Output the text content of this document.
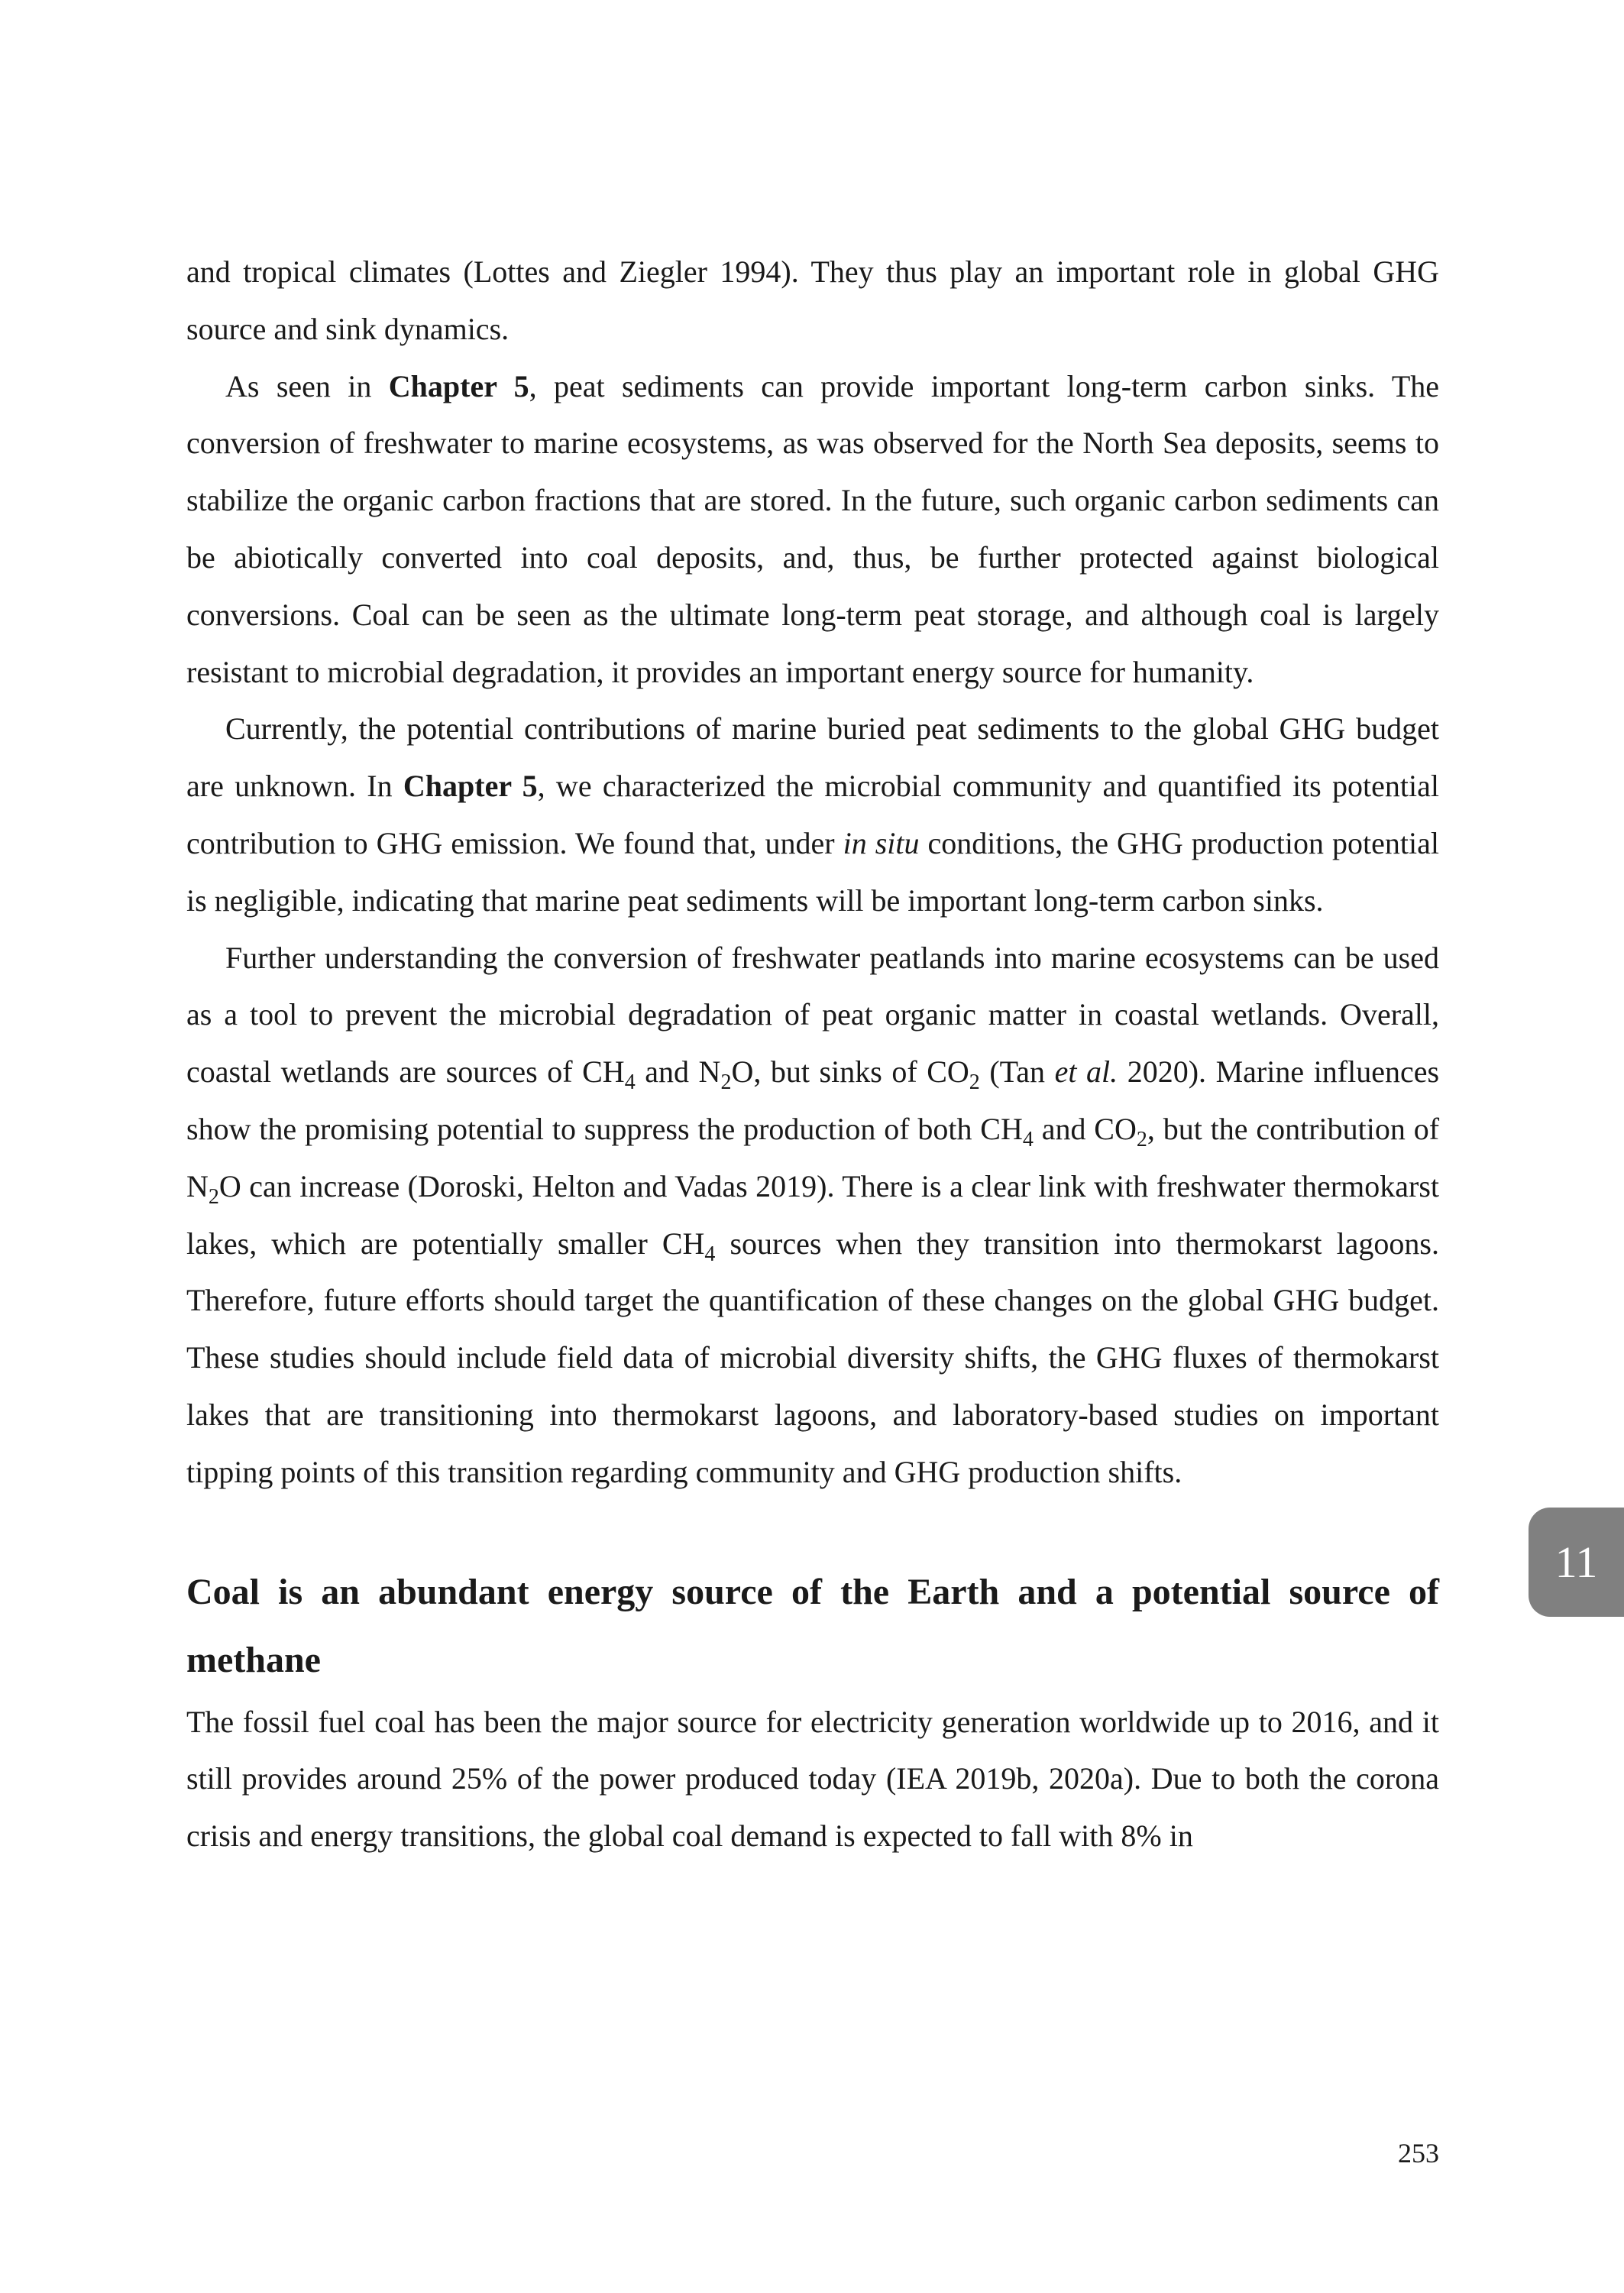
and tropical climates (Lottes and Ziegler 1994). They thus play an important role in global GHG source and sink dynamics.

As seen in Chapter 5, peat sediments can provide important long-term carbon sinks. The conversion of freshwater to marine ecosystems, as was observed for the North Sea deposits, seems to stabilize the organic carbon fractions that are stored. In the future, such organic carbon sediments can be abiotically converted into coal deposits, and, thus, be further protected against biological conversions. Coal can be seen as the ultimate long-term peat storage, and although coal is largely resistant to microbial degradation, it provides an important energy source for humanity.

Currently, the potential contributions of marine buried peat sediments to the global GHG budget are unknown. In Chapter 5, we characterized the microbial community and quantified its potential contribution to GHG emission. We found that, under in situ conditions, the GHG production potential is negligible, indicating that marine peat sediments will be important long-term carbon sinks.

Further understanding the conversion of freshwater peatlands into marine ecosystems can be used as a tool to prevent the microbial degradation of peat organic matter in coastal wetlands. Overall, coastal wetlands are sources of $CH_4$ and $N_2O$, but sinks of $CO_2$ (Tan et al. 2020). Marine influences show the promising potential to suppress the production of both $CH_4$ and $CO_2$, but the contribution of $N_2O$ can increase (Doroski, Helton and Vadas 2019). There is a clear link with freshwater thermokarst lakes, which are potentially smaller $CH_4$ sources when they transition into thermokarst lagoons. Therefore, future efforts should target the quantification of these changes on the global GHG budget. These studies should include field data of microbial diversity shifts, the GHG fluxes of thermokarst lakes that are transitioning into thermokarst lagoons, and laboratory-based studies on important tipping points of this transition regarding community and GHG production shifts.

Coal is an abundant energy source of the Earth and a potential source of methane

The fossil fuel coal has been the major source for electricity generation worldwide up to 2016, and it still provides around 25% of the power produced today (IEA 2019b, 2020a). Due to both the corona crisis and energy transitions, the global coal demand is expected to fall with 8% in

11
253
